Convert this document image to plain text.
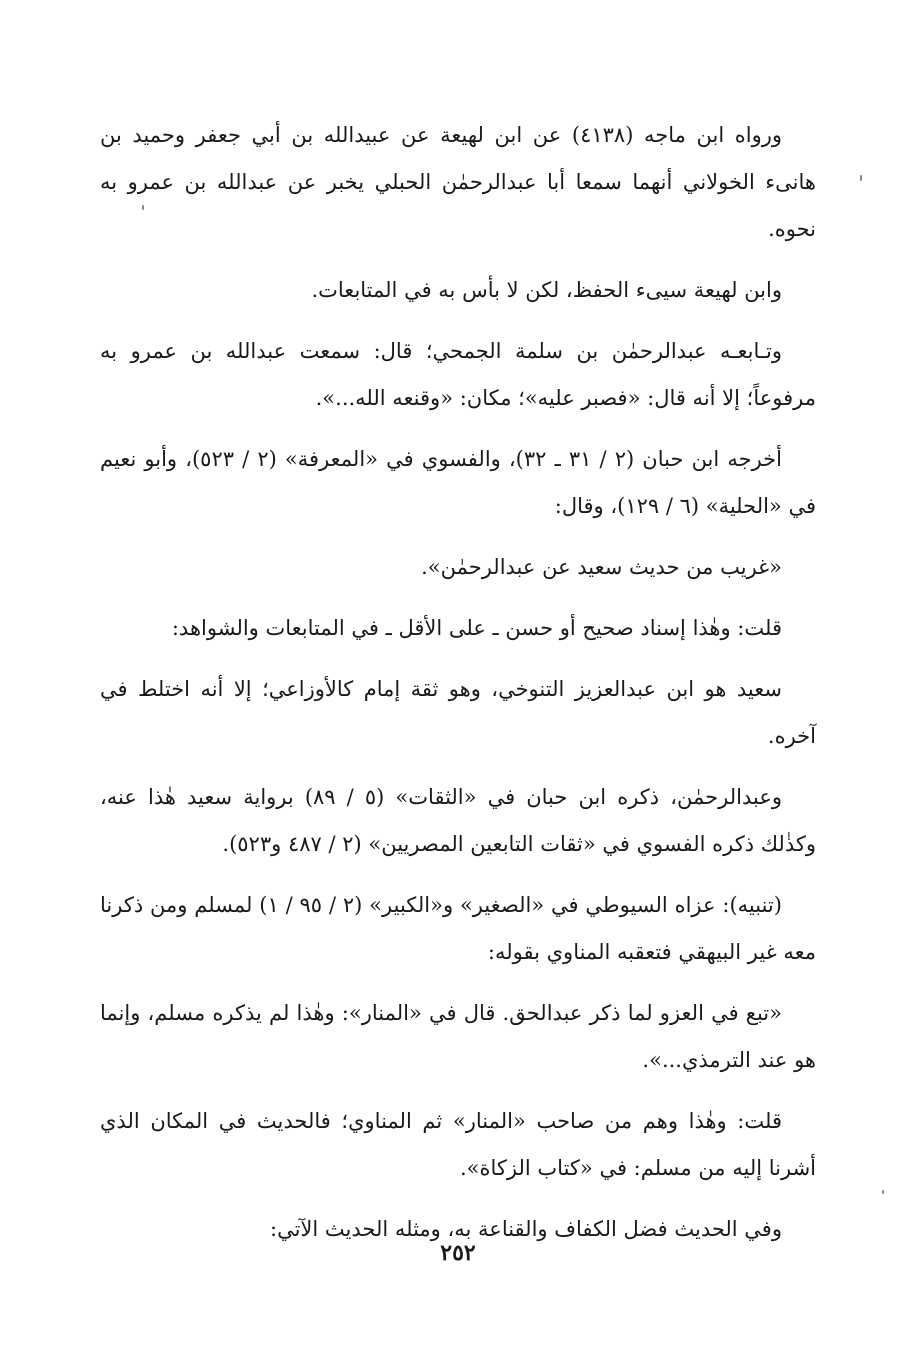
ورواه ابن ماجه (٤١٣٨) عن ابن لهيعة عن عبيدالله بن أبي جعفر وحميد بن هانىء الخولاني أنهما سمعا أبا عبدالرحمٰن الحبلي يخبر عن عبدالله بن عمرو به نحوه.

وابن لهيعة سيىء الحفظ، لكن لا بأس به في المتابعات.

وتـابعـه عبدالرحمٰن بن سلمة الجمحي؛ قال: سمعت عبدالله بن عمرو به مرفوعاً؛ إلا أنه قال: «فصبر عليه»؛ مكان: «وقنعه الله...».

أخرجه ابن حبان (٢ / ٣١ ـ ٣٢)، والفسوي في «المعرفة» (٢ / ٥٢٣)، وأبو نعيم في «الحلية» (٦ / ١٢٩)، وقال:

«غريب من حديث سعيد عن عبدالرحمٰن».

قلت: وهٰذا إسناد صحيح أو حسن ـ على الأقل ـ في المتابعات والشواهد:

سعيد هو ابن عبدالعزيز التنوخي، وهو ثقة إمام كالأوزاعي؛ إلا أنه اختلط في آخره.

وعبدالرحمٰن، ذكره ابن حبان في «الثقات» (٥ / ٨٩) برواية سعيد هٰذا عنه، وكذٰلك ذكره الفسوي في «ثقات التابعين المصريين» (٢ / ٤٨٧ و٥٢٣).

(تنبيه): عزاه السيوطي في «الصغير» و«الكبير» (٢ / ٩٥ / ١) لمسلم ومن ذكرنا معه غير البيهقي فتعقبه المناوي بقوله:

«تبع في العزو لما ذكر عبدالحق. قال في «المنار»: وهٰذا لم يذكره مسلم، وإنما هو عند الترمذي...».

قلت: وهٰذا وهم من صاحب «المنار» ثم المناوي؛ فالحديث في المكان الذي أشرنا إليه من مسلم: في «كتاب الزكاة».

وفي الحديث فضل الكفاف والقناعة به، ومثله الحديث الآتي:

٢٥٢
